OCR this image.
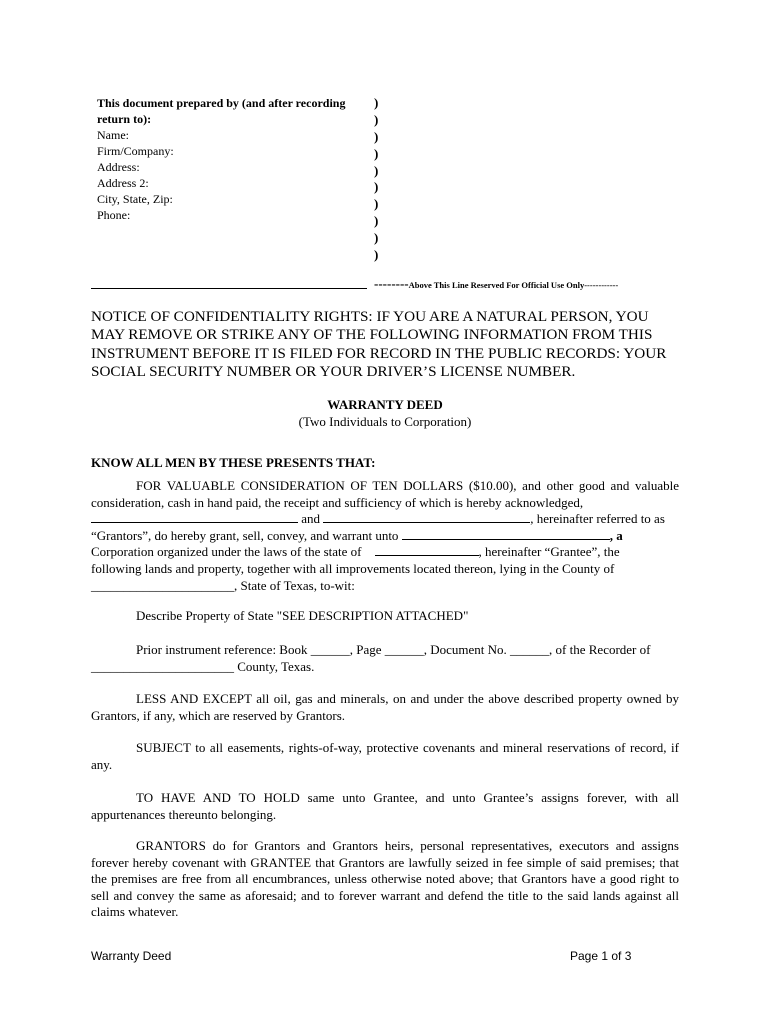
This document prepared by (and after recording return to):
Name:
Firm/Company:
Address:
Address 2:
City, State, Zip:
Phone:
)
)
)
)
)
)
)
)
)
)
--------Above This Line Reserved For Official Use Only------------
NOTICE OF CONFIDENTIALITY RIGHTS: IF YOU ARE A NATURAL PERSON, YOU MAY REMOVE OR STRIKE ANY OF THE FOLLOWING INFORMATION FROM THIS INSTRUMENT BEFORE IT IS FILED FOR RECORD IN THE PUBLIC RECORDS: YOUR SOCIAL SECURITY NUMBER OR YOUR DRIVER’S LICENSE NUMBER.
WARRANTY DEED
(Two Individuals to Corporation)
KNOW ALL MEN BY THESE PRESENTS THAT:
FOR VALUABLE CONSIDERATION OF TEN DOLLARS ($10.00), and other good and valuable consideration, cash in hand paid, the receipt and sufficiency of which is hereby acknowledged,
and	, hereinafter referred to as
“Grantors”, do hereby grant, sell, convey, and warrant unto	, a
Corporation organized under the laws of the state of	, hereinafter “Grantee”, the
following lands and property, together with all improvements located thereon, lying in the County of
______________________, State of Texas, to-wit:
Describe Property of State "SEE DESCRIPTION ATTACHED"
Prior instrument reference: Book ______, Page ______, Document No. ______, of the Recorder of
______________________ County, Texas.
LESS AND EXCEPT all oil, gas and minerals, on and under the above described property owned by Grantors, if any, which are reserved by Grantors.
SUBJECT to all easements, rights-of-way, protective covenants and mineral reservations of record, if any.
TO HAVE AND TO HOLD same unto Grantee, and unto Grantee’s assigns forever, with all appurtenances thereunto belonging.
GRANTORS do for Grantors and Grantors heirs, personal representatives, executors and assigns forever hereby covenant with GRANTEE that Grantors are lawfully seized in fee simple of said premises; that the premises are free from all encumbrances, unless otherwise noted above; that Grantors have a good right to sell and convey the same as aforesaid; and to forever warrant and defend the title to the said lands against all claims whatever.
Warranty Deed	Page 1 of 3
